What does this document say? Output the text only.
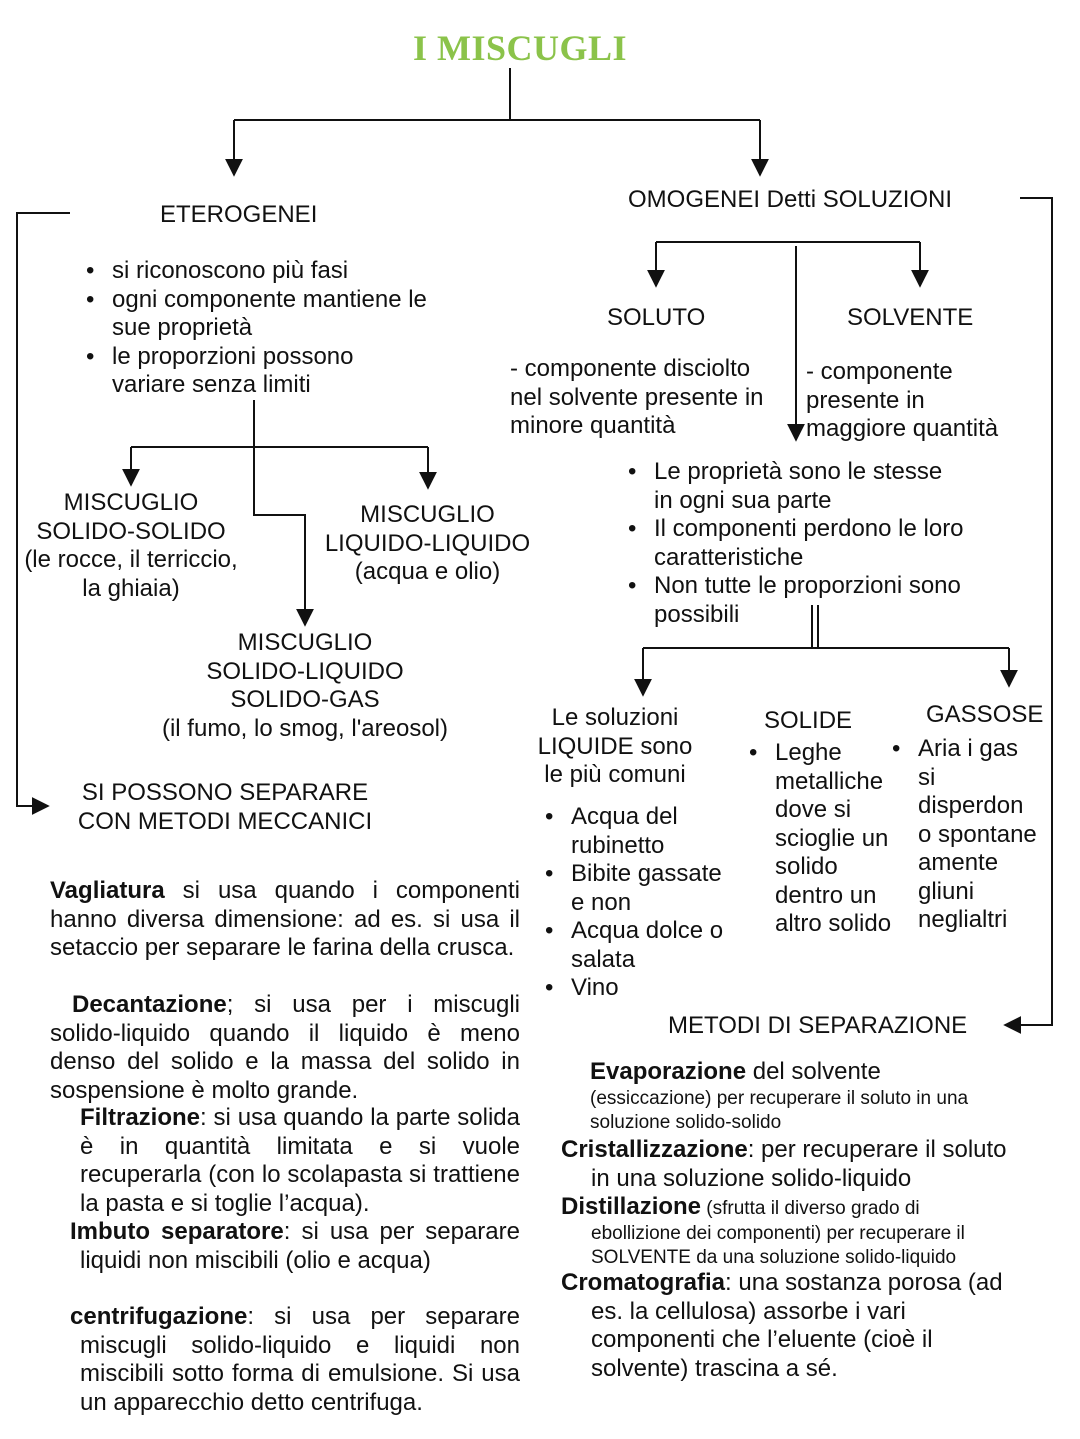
I MISCUGLI
ETEROGENEI
• si riconoscono più fasi
• ogni componente mantiene le sue proprietà
• le proporzioni possono variare senza limiti
MISCUGLIO
SOLIDO-SOLIDO
(le rocce, il terriccio,
la ghiaia)
MISCUGLIO
LIQUIDO-LIQUIDO
(acqua e olio)
MISCUGLIO
SOLIDO-LIQUIDO
SOLIDO-GAS
(il fumo, lo smog, l'areosol)
SI POSSONO SEPARARE
CON METODI MECCANICI
Vagliatura si usa quando i componenti hanno diversa dimensione: ad es. si usa il setaccio per separare le farina della crusca.
Decantazione; si usa per i miscugli solido-liquido quando il liquido è meno denso del solido e la massa del solido in sospensione è molto grande.
Filtrazione: si usa quando la parte solida è in quantità limitata e si vuole recuperarla (con lo scolapasta si trattiene la pasta e si toglie l’acqua).
Imbuto separatore: si usa per separare liquidi non miscibili (olio e acqua)
centrifugazione: si usa per separare miscugli solido-liquido e liquidi non miscibili sotto forma di emulsione. Si usa un apparecchio detto centrifuga.
OMOGENEI Detti SOLUZIONI
SOLUTO	SOLVENTE
- componente disciolto
nel solvente presente in
minore quantità
- componente
presente in
maggiore quantità
• Le proprietà sono le stesse in ogni sua parte
• Il componenti perdono le loro caratteristiche
• Non tutte le proporzioni sono possibili
Le soluzioni
LIQUIDE sono
le più comuni
• Acqua del rubinetto
• Bibite gassate e non
• Acqua dolce o salata
• Vino
SOLIDE
• Leghe metalliche dove si scioglie un solido dentro un altro solido
GASSOSE
• Aria i gas si disperdon o spontane amente gliuni neglialtri
METODI DI SEPARAZIONE
Evaporazione del solvente
(essiccazione) per recuperare il soluto in una soluzione solido-solido
Cristallizzazione: per recuperare il soluto
in una soluzione solido-liquido
Distillazione (sfrutta il diverso grado di
ebollizione dei componenti) per recuperare il
SOLVENTE da una soluzione solido-liquido
Cromatografia: una sostanza porosa (ad
es. la cellulosa) assorbe i vari
componenti che l’eluente (cioè il
solvente) trascina a sé.
